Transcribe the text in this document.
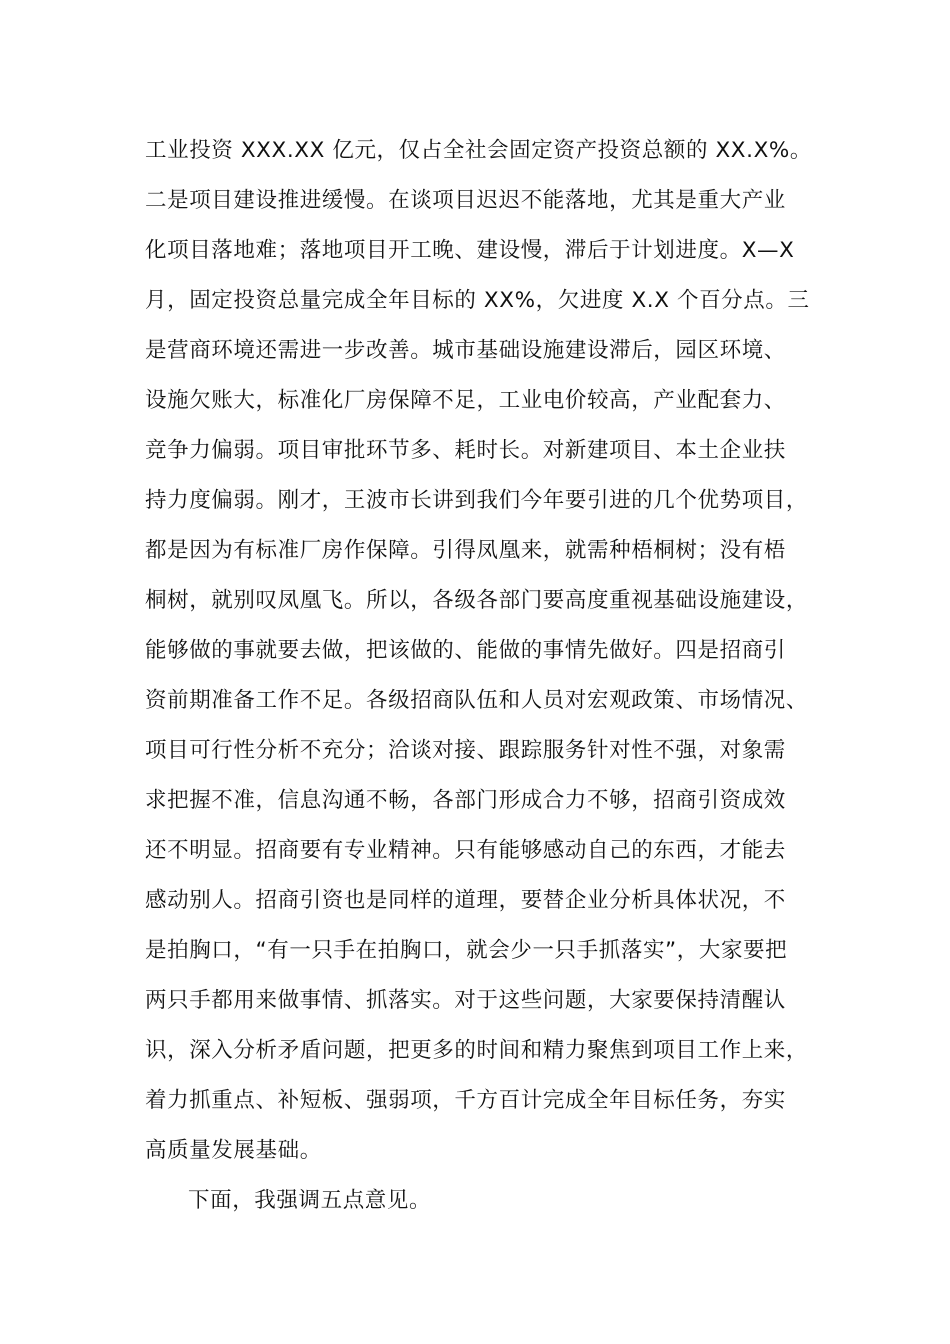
工业投资 XXX.XX 亿元，仅占全社会固定资产投资总额的 XX.X%。
二是项目建设推进缓慢。在谈项目迟迟不能落地，尤其是重大产业
化项目落地难；落地项目开工晚、建设慢，滞后于计划进度。X—X
月，固定投资总量完成全年目标的 XX%，欠进度 X.X 个百分点。三
是营商环境还需进一步改善。城市基础设施建设滞后，园区环境、
设施欠账大，标准化厂房保障不足，工业电价较高，产业配套力、
竞争力偏弱。项目审批环节多、耗时长。对新建项目、本土企业扶
持力度偏弱。刚才，王波市长讲到我们今年要引进的几个优势项目，
都是因为有标准厂房作保障。引得凤凰来，就需种梧桐树；没有梧
桐树，就别叹凤凰飞。所以，各级各部门要高度重视基础设施建设，
能够做的事就要去做，把该做的、能做的事情先做好。四是招商引
资前期准备工作不足。各级招商队伍和人员对宏观政策、市场情况、
项目可行性分析不充分；洽谈对接、跟踪服务针对性不强，对象需
求把握不准，信息沟通不畅，各部门形成合力不够，招商引资成效
还不明显。招商要有专业精神。只有能够感动自己的东西，才能去
感动别人。招商引资也是同样的道理，要替企业分析具体状况，不
是拍胸口，“有一只手在拍胸口，就会少一只手抓落实”，大家要把
两只手都用来做事情、抓落实。对于这些问题，大家要保持清醒认
识，深入分析矛盾问题，把更多的时间和精力聚焦到项目工作上来，
着力抓重点、补短板、强弱项，千方百计完成全年目标任务，夯实
高质量发展基础。
下面，我强调五点意见。
